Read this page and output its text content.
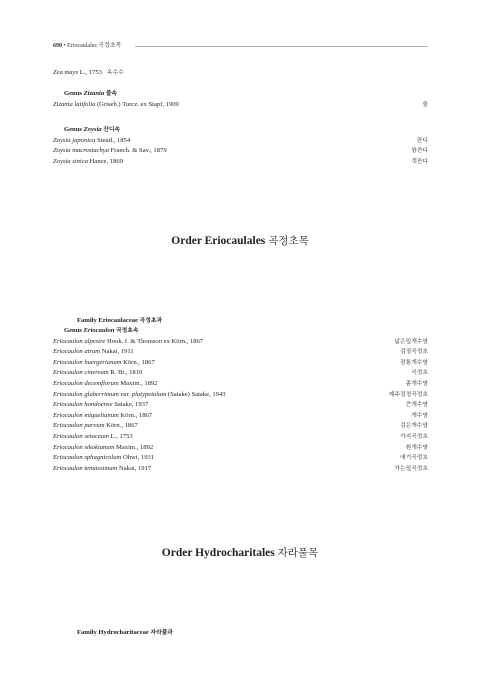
690 • Eriocaulales 곡정초목
Zea mays L., 1753 옥수수
Genus Zizania 줄속
Zizania latifolia (Griseb.) Turcz. ex Stapf, 1909	줄
Genus Zoysia 잔디속
Zoysia japonica Steud., 1854	잔디
Zoysia macrostachya Franch. & Sav., 1879	왕잔디
Zoysia sinica Hance, 1869	갯잔디
Order Eriocaulales 곡정초목
Family Eriocaulaceae 곡정초과
Genus Eriocaulon 곡정초속
Eriocaulon alpestre Hook. f. & Thomson ex Körn., 1867	넓은잎개수염
Eriocaulon atrum Nakai, 1911	검정곡정초
Eriocaulon buergerianum Körn., 1867	잠통개수염
Eriocaulon cinereum R. Br., 1810	곡정초
Eriocaulon decemflorum Maxim., 1892	좀개수염
Eriocaulon glaberrimum var. platypetalum (Satake) Satake, 1943	제주검정곡정초
Eriocaulon hondoense Satake, 1937	큰개수염
Eriocaulon miquelianum Körn., 1867	개수염
Eriocaulon parvum Körn., 1867	검은개수염
Eriocaulon setaceum L., 1753	가지곡정초
Eriocaulon sikokianum Maxim., 1892	흰개수염
Eriocaulon sphagnicolum Ohwi, 1931	애기곡정초
Eriocaulon tenuissimum Nakai, 1917	가는잎곡정초
Order Hydrocharitales 자라풀목
Family Hydrocharitaceae 자라풀과
